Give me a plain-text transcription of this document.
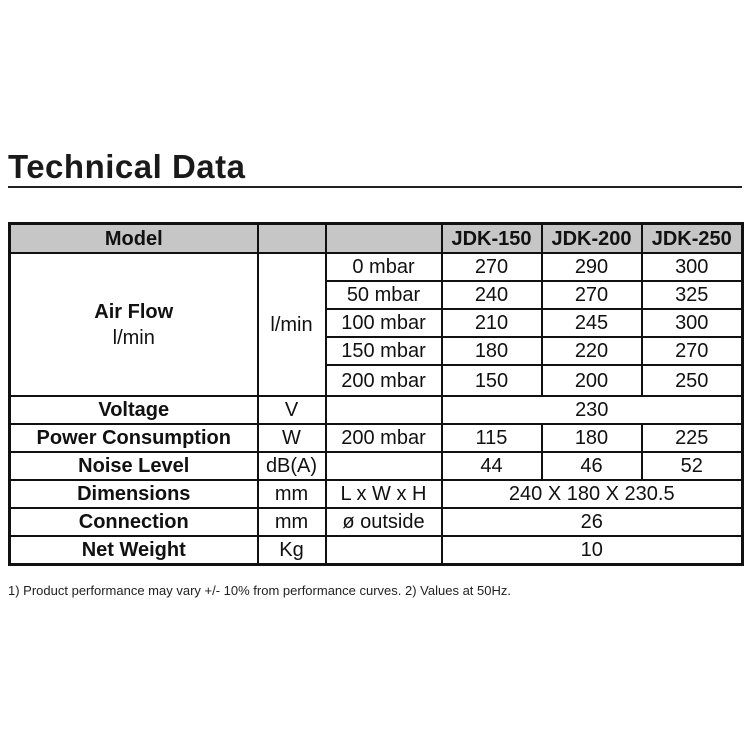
Technical Data
Model			JDK-150	JDK-200	JDK-250

Air Flow
l/min	l/min	0 mbar	270	290	300
		50 mbar	240	270	325
		100 mbar	210	245	300
		150 mbar	180	220	270
		200 mbar	150	200	250
Voltage	V		230		
Power Consumption	W	200 mbar	115	180	225
Noise Level	dB(A)		44	46	52
Dimensions	mm	L x W x H	240 X 180 X 230.5		
Connection	mm	ø outside	26		
Net Weight	Kg		10		
1) Product performance may vary +/- 10% from performance curves. 2) Values at 50Hz.
